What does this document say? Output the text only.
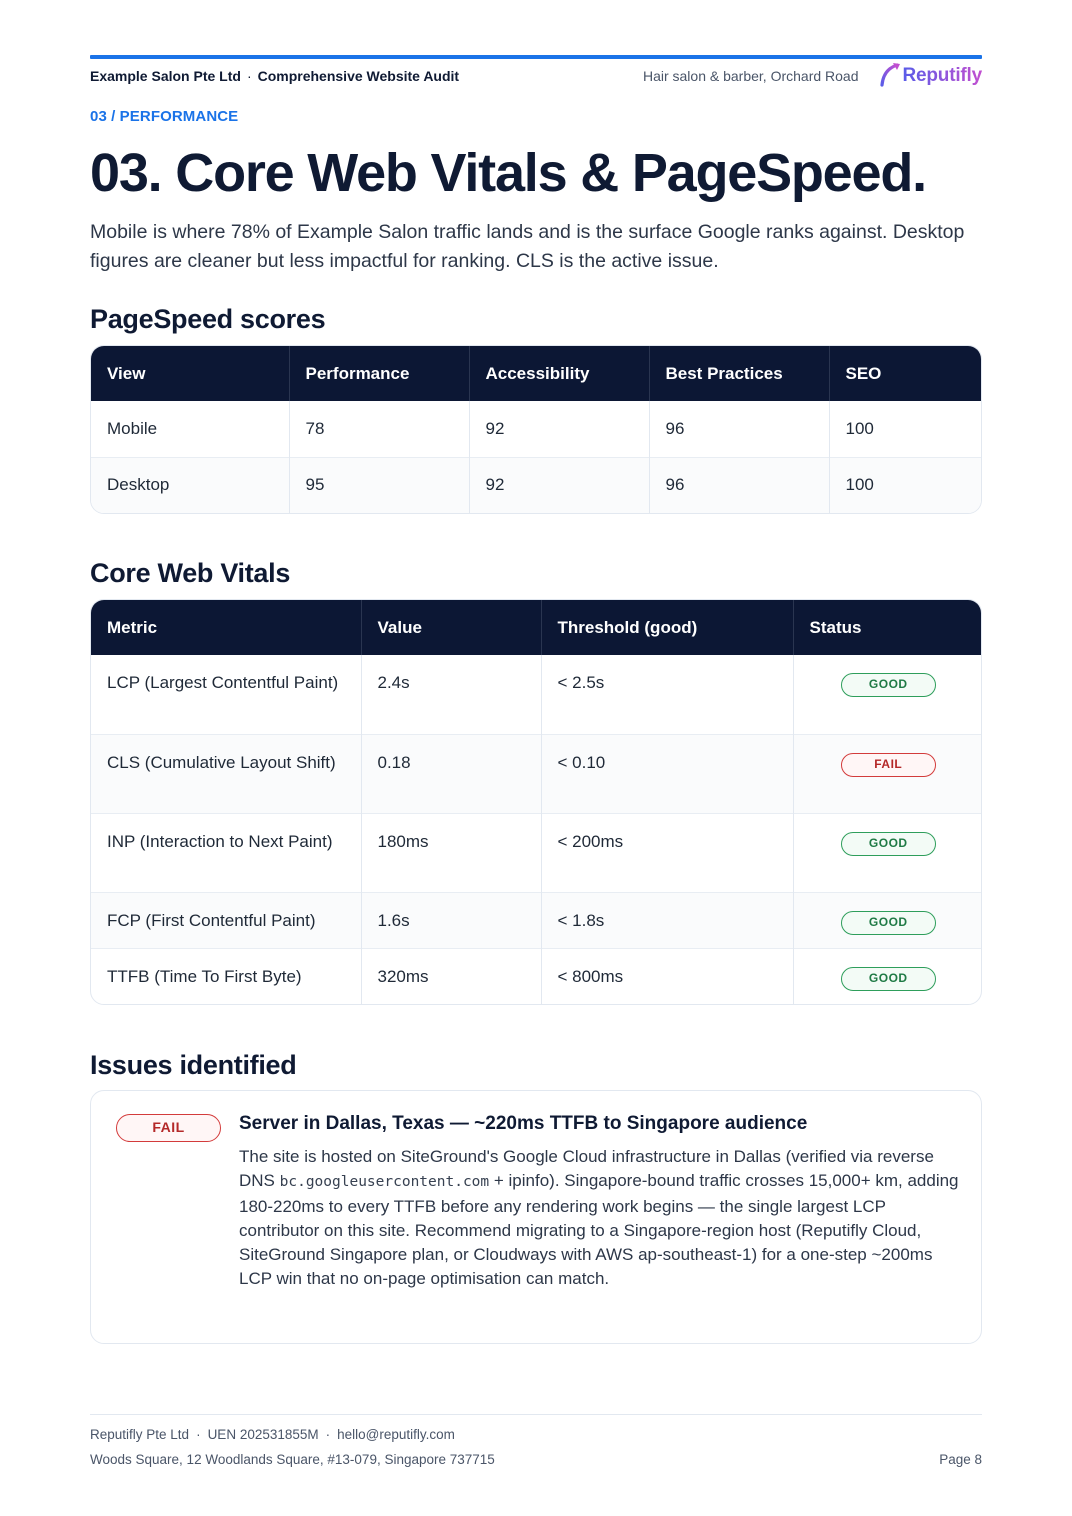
Example Salon Pte Ltd · Comprehensive Website Audit	Hair salon & barber, Orchard Road Reputifly
03 / PERFORMANCE
03. Core Web Vitals & PageSpeed.

Mobile is where 78% of Example Salon traffic lands and is the surface Google ranks against. Desktop figures are cleaner but less impactful for ranking. CLS is the active issue.

PageSpeed scores
View	Performance	Accessibility	Best Practices	SEO
Mobile	78	92	96	100
Desktop	95	92	96	100
Core Web Vitals
Metric	Value	Threshold (good)	Status
LCP (Largest Contentful Paint)	2.4s	< 2.5s	GOOD
CLS (Cumulative Layout Shift)	0.18	< 0.10	FAIL
INP (Interaction to Next Paint)	180ms	< 200ms	GOOD
FCP (First Contentful Paint)	1.6s	< 1.8s	GOOD
TTFB (Time To First Byte)	320ms	< 800ms	GOOD
Issues identified
FAIL	Server in Dallas, Texas — ~220ms TTFB to Singapore audience

The site is hosted on SiteGround's Google Cloud infrastructure in Dallas (verified via reverse DNS bc.googleusercontent.com + ipinfo). Singapore-bound traffic crosses 15,000+ km, adding 180-220ms to every TTFB before any rendering work begins — the single largest LCP contributor on this site. Recommend migrating to a Singapore-region host (Reputifly Cloud, SiteGround Singapore plan, or Cloudways with AWS ap-southeast-1) for a one-step ~200ms LCP win that no on-page optimisation can match.

Reputifly Pte Ltd · UEN 202531855M · hello@reputifly.com
Woods Square, 12 Woodlands Square, #13-079, Singapore 737715	Page 8
